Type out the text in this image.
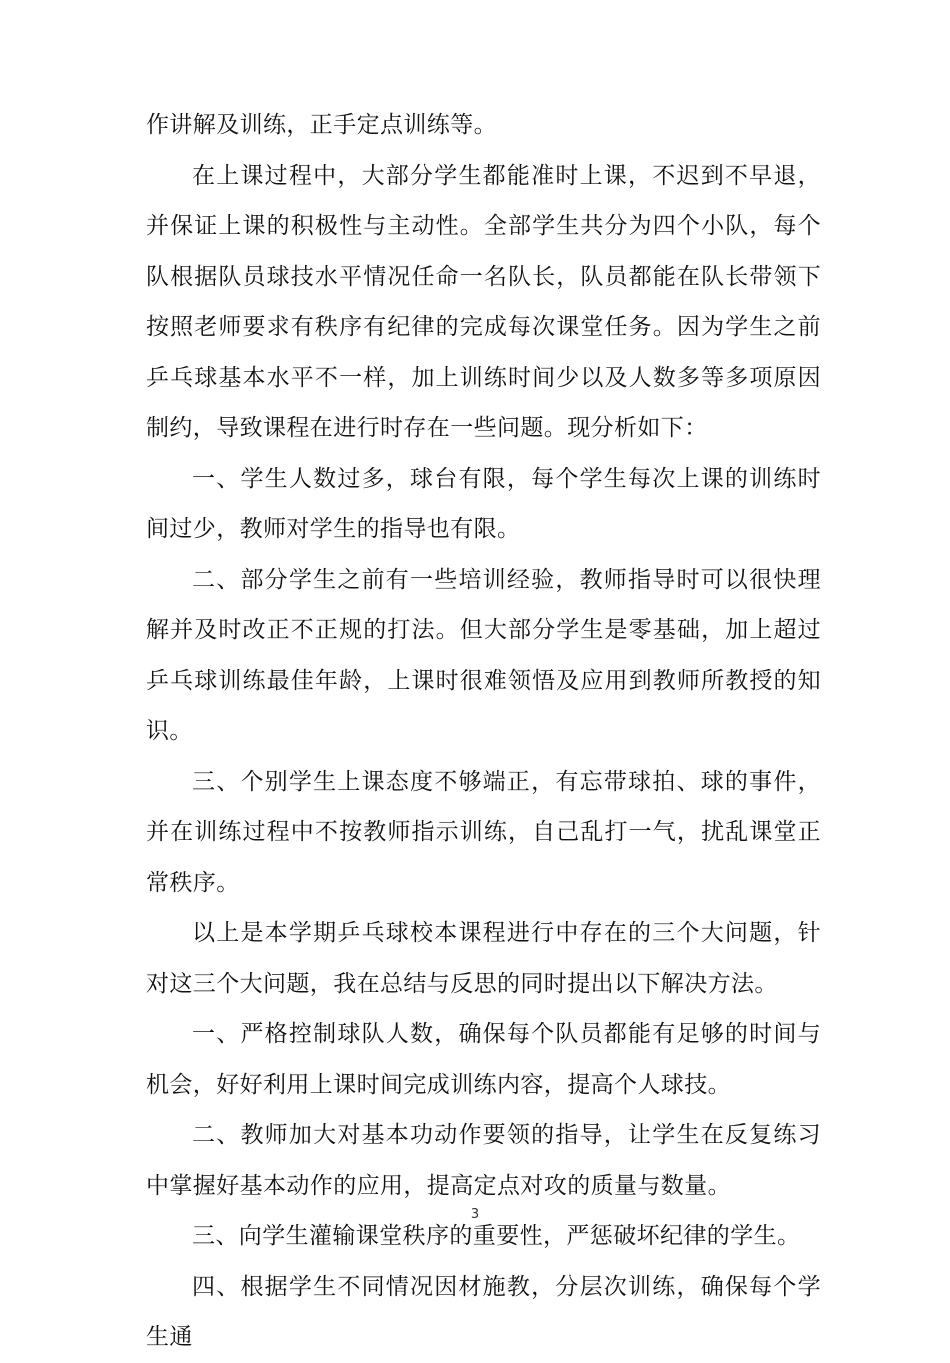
作讲解及训练，正手定点训练等。

在上课过程中，大部分学生都能准时上课，不迟到不早退，并保证上课的积极性与主动性。全部学生共分为四个小队，每个队根据队员球技水平情况任命一名队长，队员都能在队长带领下按照老师要求有秩序有纪律的完成每次课堂任务。因为学生之前乒乓球基本水平不一样，加上训练时间少以及人数多等多项原因制约，导致课程在进行时存在一些问题。现分析如下：

一、学生人数过多，球台有限，每个学生每次上课的训练时间过少，教师对学生的指导也有限。

二、部分学生之前有一些培训经验，教师指导时可以很快理解并及时改正不正规的打法。但大部分学生是零基础，加上超过乒乓球训练最佳年龄，上课时很难领悟及应用到教师所教授的知识。

三、个别学生上课态度不够端正，有忘带球拍、球的事件，并在训练过程中不按教师指示训练，自己乱打一气，扰乱课堂正常秩序。

以上是本学期乒乓球校本课程进行中存在的三个大问题，针对这三个大问题，我在总结与反思的同时提出以下解决方法。

一、严格控制球队人数，确保每个队员都能有足够的时间与机会，好好利用上课时间完成训练内容，提高个人球技。

二、教师加大对基本功动作要领的指导，让学生在反复练习中掌握好基本动作的应用，提高定点对攻的质量与数量。

三、向学生灌输课堂秩序的重要性，严惩破坏纪律的学生。

四、根据学生不同情况因材施教，分层次训练，确保每个学生通

3
